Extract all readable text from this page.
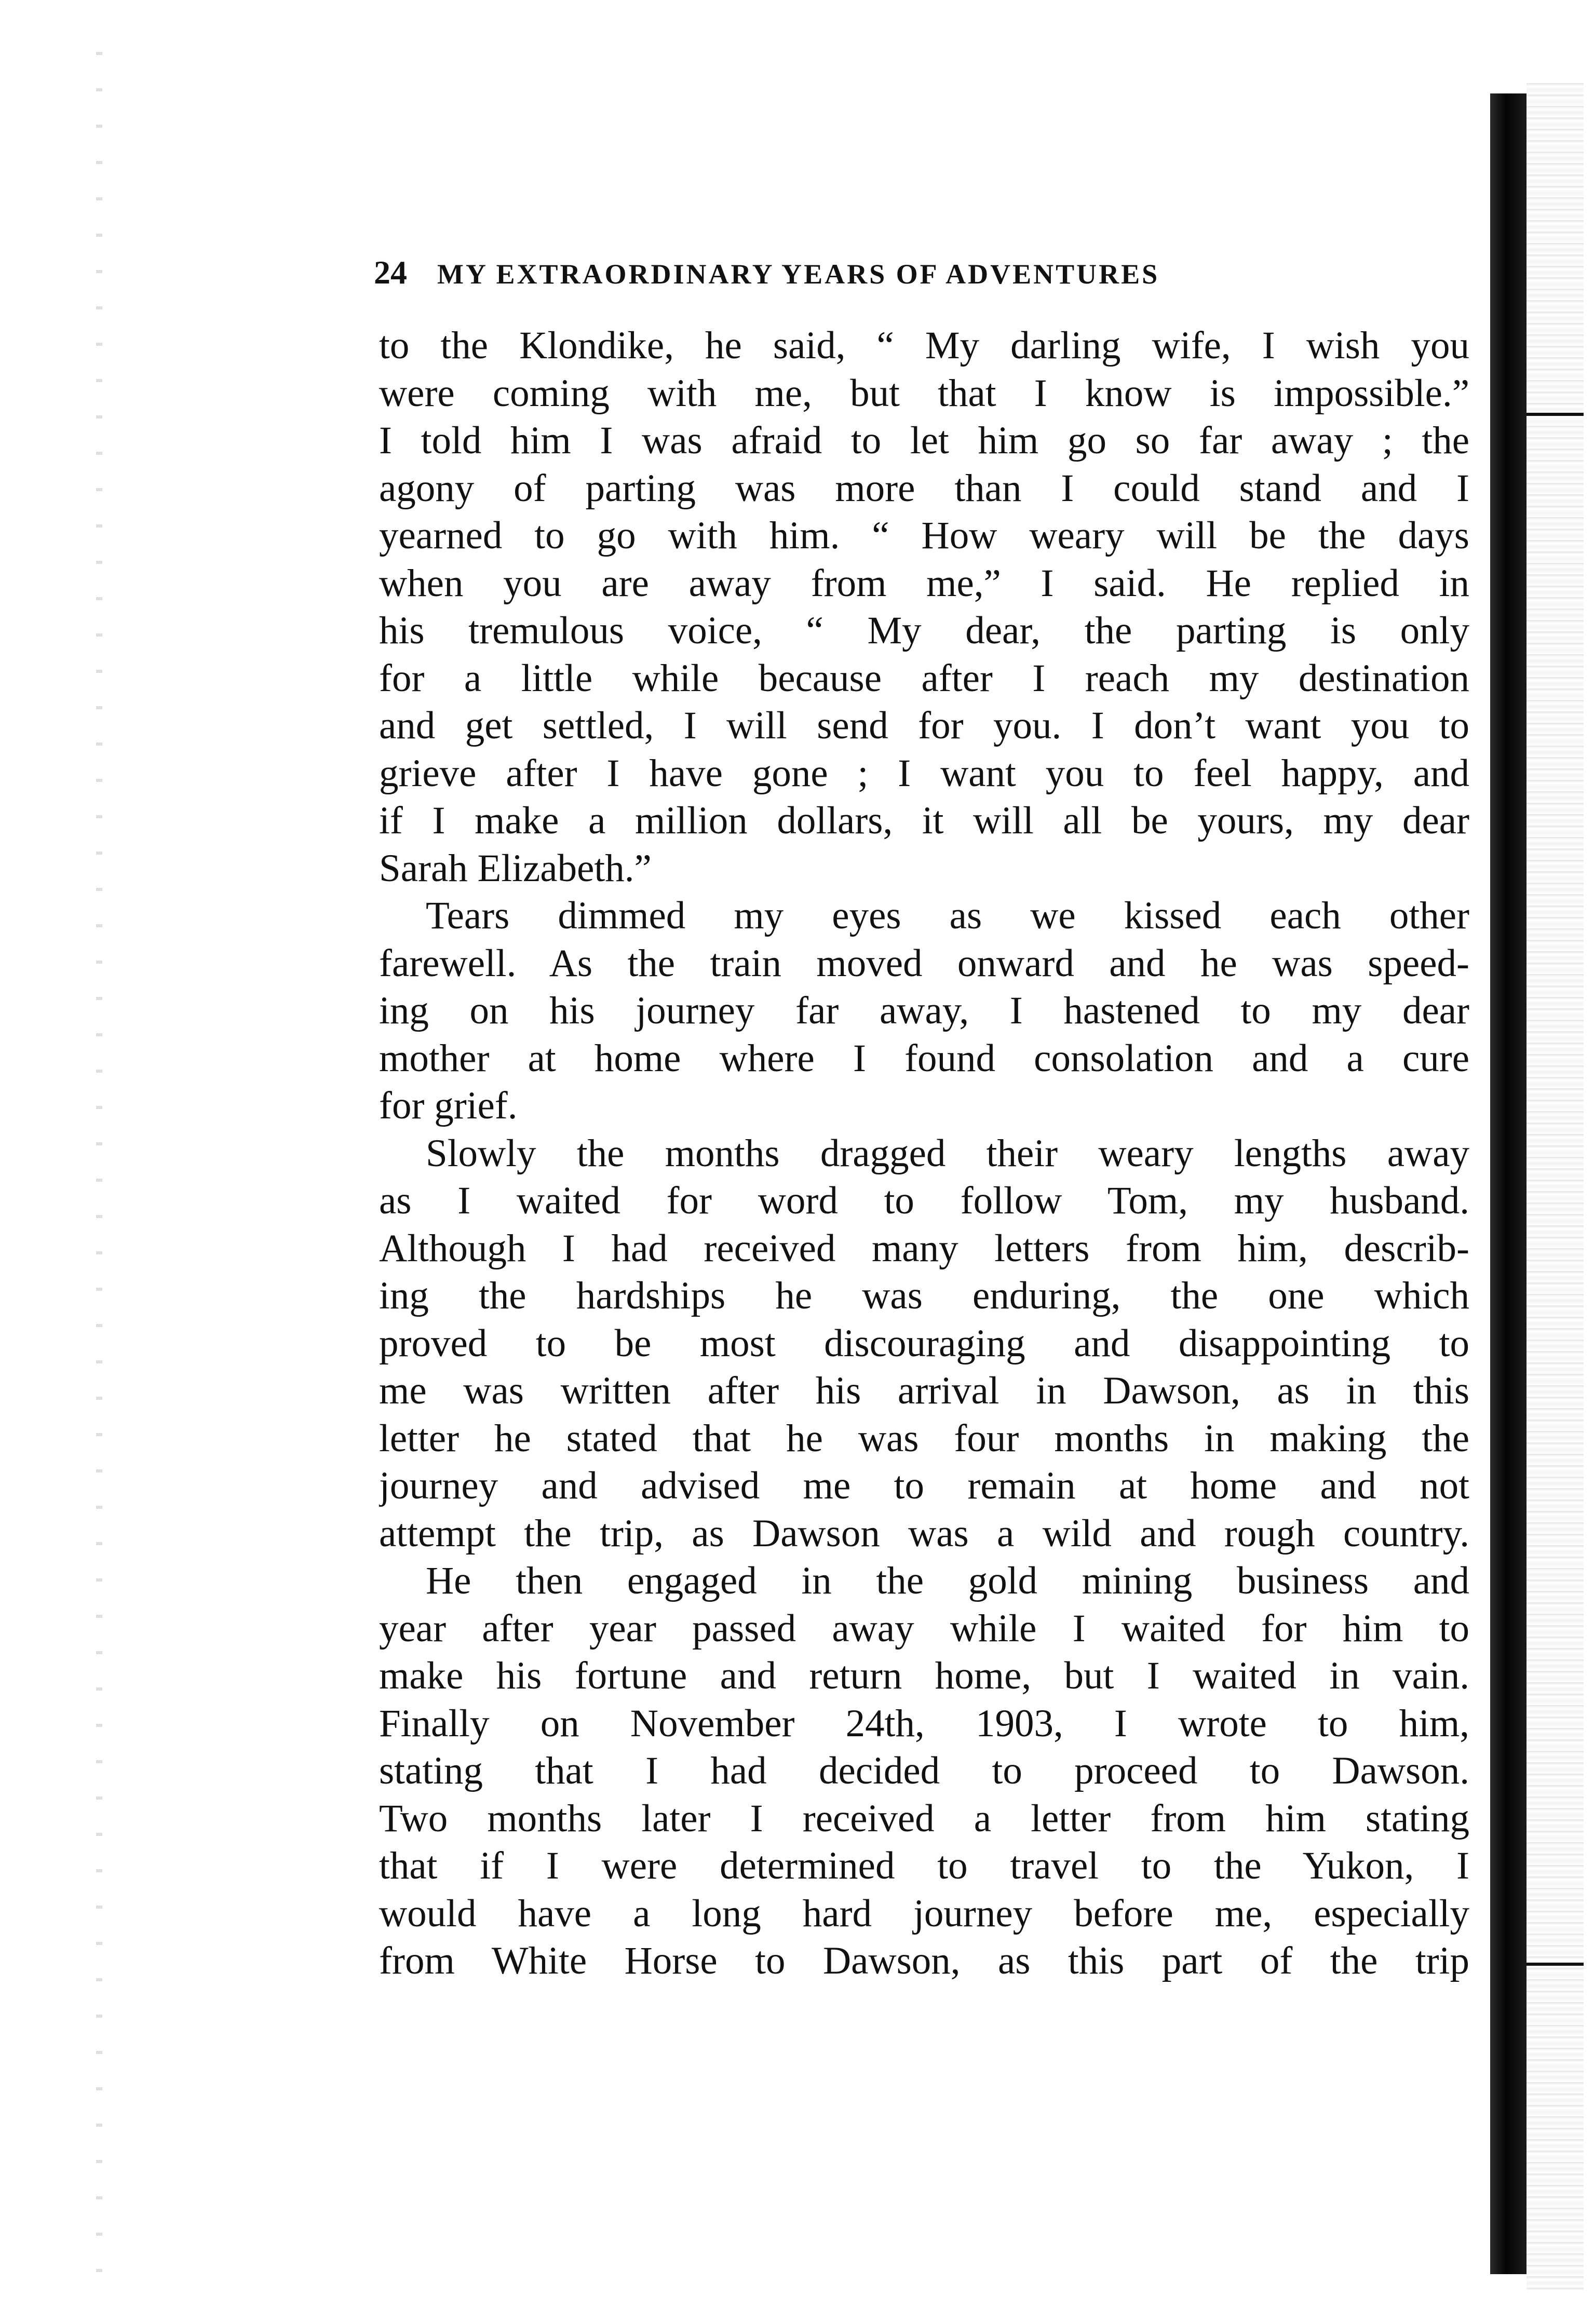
24 MY EXTRAORDINARY YEARS OF ADVENTURES
to the Klondike, he said, “ My darling wife, I wish you
were coming with me, but that I know is impossible.”
I told him I was afraid to let him go so far away ; the
agony of parting was more than I could stand and I
yearned to go with him. “ How weary will be the days
when you are away from me,” I said. He replied in
his tremulous voice, “ My dear, the parting is only
for a little while because after I reach my destination
and get settled, I will send for you. I don’t want you to
grieve after I have gone ; I want you to feel happy, and
if I make a million dollars, it will all be yours, my dear
Sarah Elizabeth.”
Tears dimmed my eyes as we kissed each other
farewell. As the train moved onward and he was speed-
ing on his journey far away, I hastened to my dear
mother at home where I found consolation and a cure
for grief.
Slowly the months dragged their weary lengths away
as I waited for word to follow Tom, my husband.
Although I had received many letters from him, describ-
ing the hardships he was enduring, the one which
proved to be most discouraging and disappointing to
me was written after his arrival in Dawson, as in this
letter he stated that he was four months in making the
journey and advised me to remain at home and not
attempt the trip, as Dawson was a wild and rough country.
He then engaged in the gold mining business and
year after year passed away while I waited for him to
make his fortune and return home, but I waited in vain.
Finally on November 24th, 1903, I wrote to him,
stating that I had decided to proceed to Dawson.
Two months later I received a letter from him stating
that if I were determined to travel to the Yukon, I
would have a long hard journey before me, especially
from White Horse to Dawson, as this part of the trip
